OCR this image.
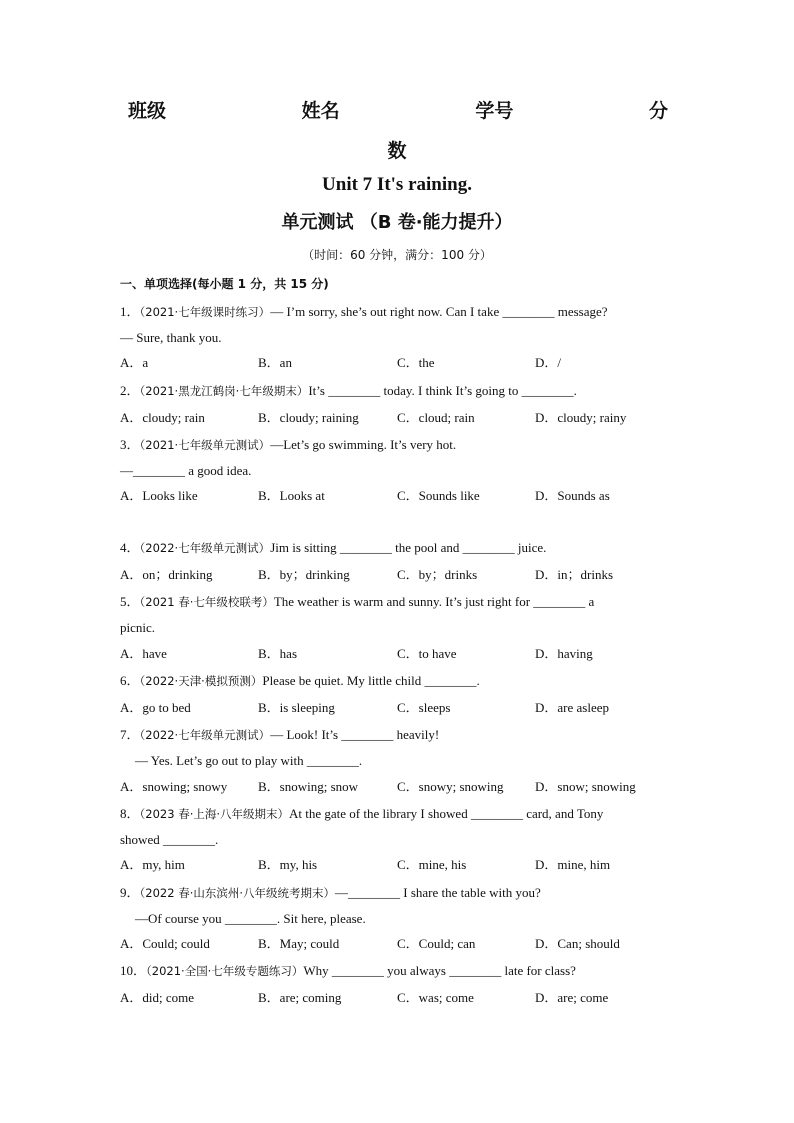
班级	姓名	学号	分
数
Unit 7 It's raining.
单元测试 （B 卷·能力提升）
（时间：60 分钟，满分：100 分）
一、单项选择(每小题 1 分，共 15 分)
1．（2021·七年级课时练习）— I’m sorry, she’s out right now. Can I take ________ message?
— Sure, thank you.
A．a	B．an	C．the	D．/
2．（2021·黑龙江鹤岗·七年级期末）It’s ________ today. I think It’s going to ________.
A．cloudy; rain	B．cloudy; raining	C．cloud; rain	D．cloudy; rainy
3．（2021·七年级单元测试）—Let’s go swimming. It’s very hot.
—________ a good idea.
A．Looks like	B．Looks at	C．Sounds like	D．Sounds as
4．（2022·七年级单元测试）Jim is sitting ________ the pool and ________ juice.
A．on；drinking	B．by；drinking	C．by；drinks	D．in；drinks
5．（2021 春·七年级校联考）The weather is warm and sunny. It’s just right for ________ a
picnic.
A．have	B．has	C．to have	D．having
6．（2022·天津·模拟预测）Please be quiet. My little child ________.
A．go to bed	B．is sleeping	C．sleeps	D．are asleep
7．（2022·七年级单元测试）— Look! It’s ________ heavily!
— Yes. Let’s go out to play with ________.
A．snowing; snowy B．snowing; snow	C．snowy; snowing D．snow; snowing
8．（2023 春·上海·八年级期末）At the gate of the library I showed ________ card, and Tony
showed ________.
A．my, him	B．my, his	C．mine, his	D．mine, him
9．（2022 春·山东滨州·八年级统考期末）—________ I share the table with you?
—Of course you ________. Sit here, please.
A．Could; could	B．May; could	C．Could; can	D．Can; should
10．（2021·全国·七年级专题练习）Why ________ you always ________ late for class?
A．did; come	B．are; coming	C．was; come	D．are; come
